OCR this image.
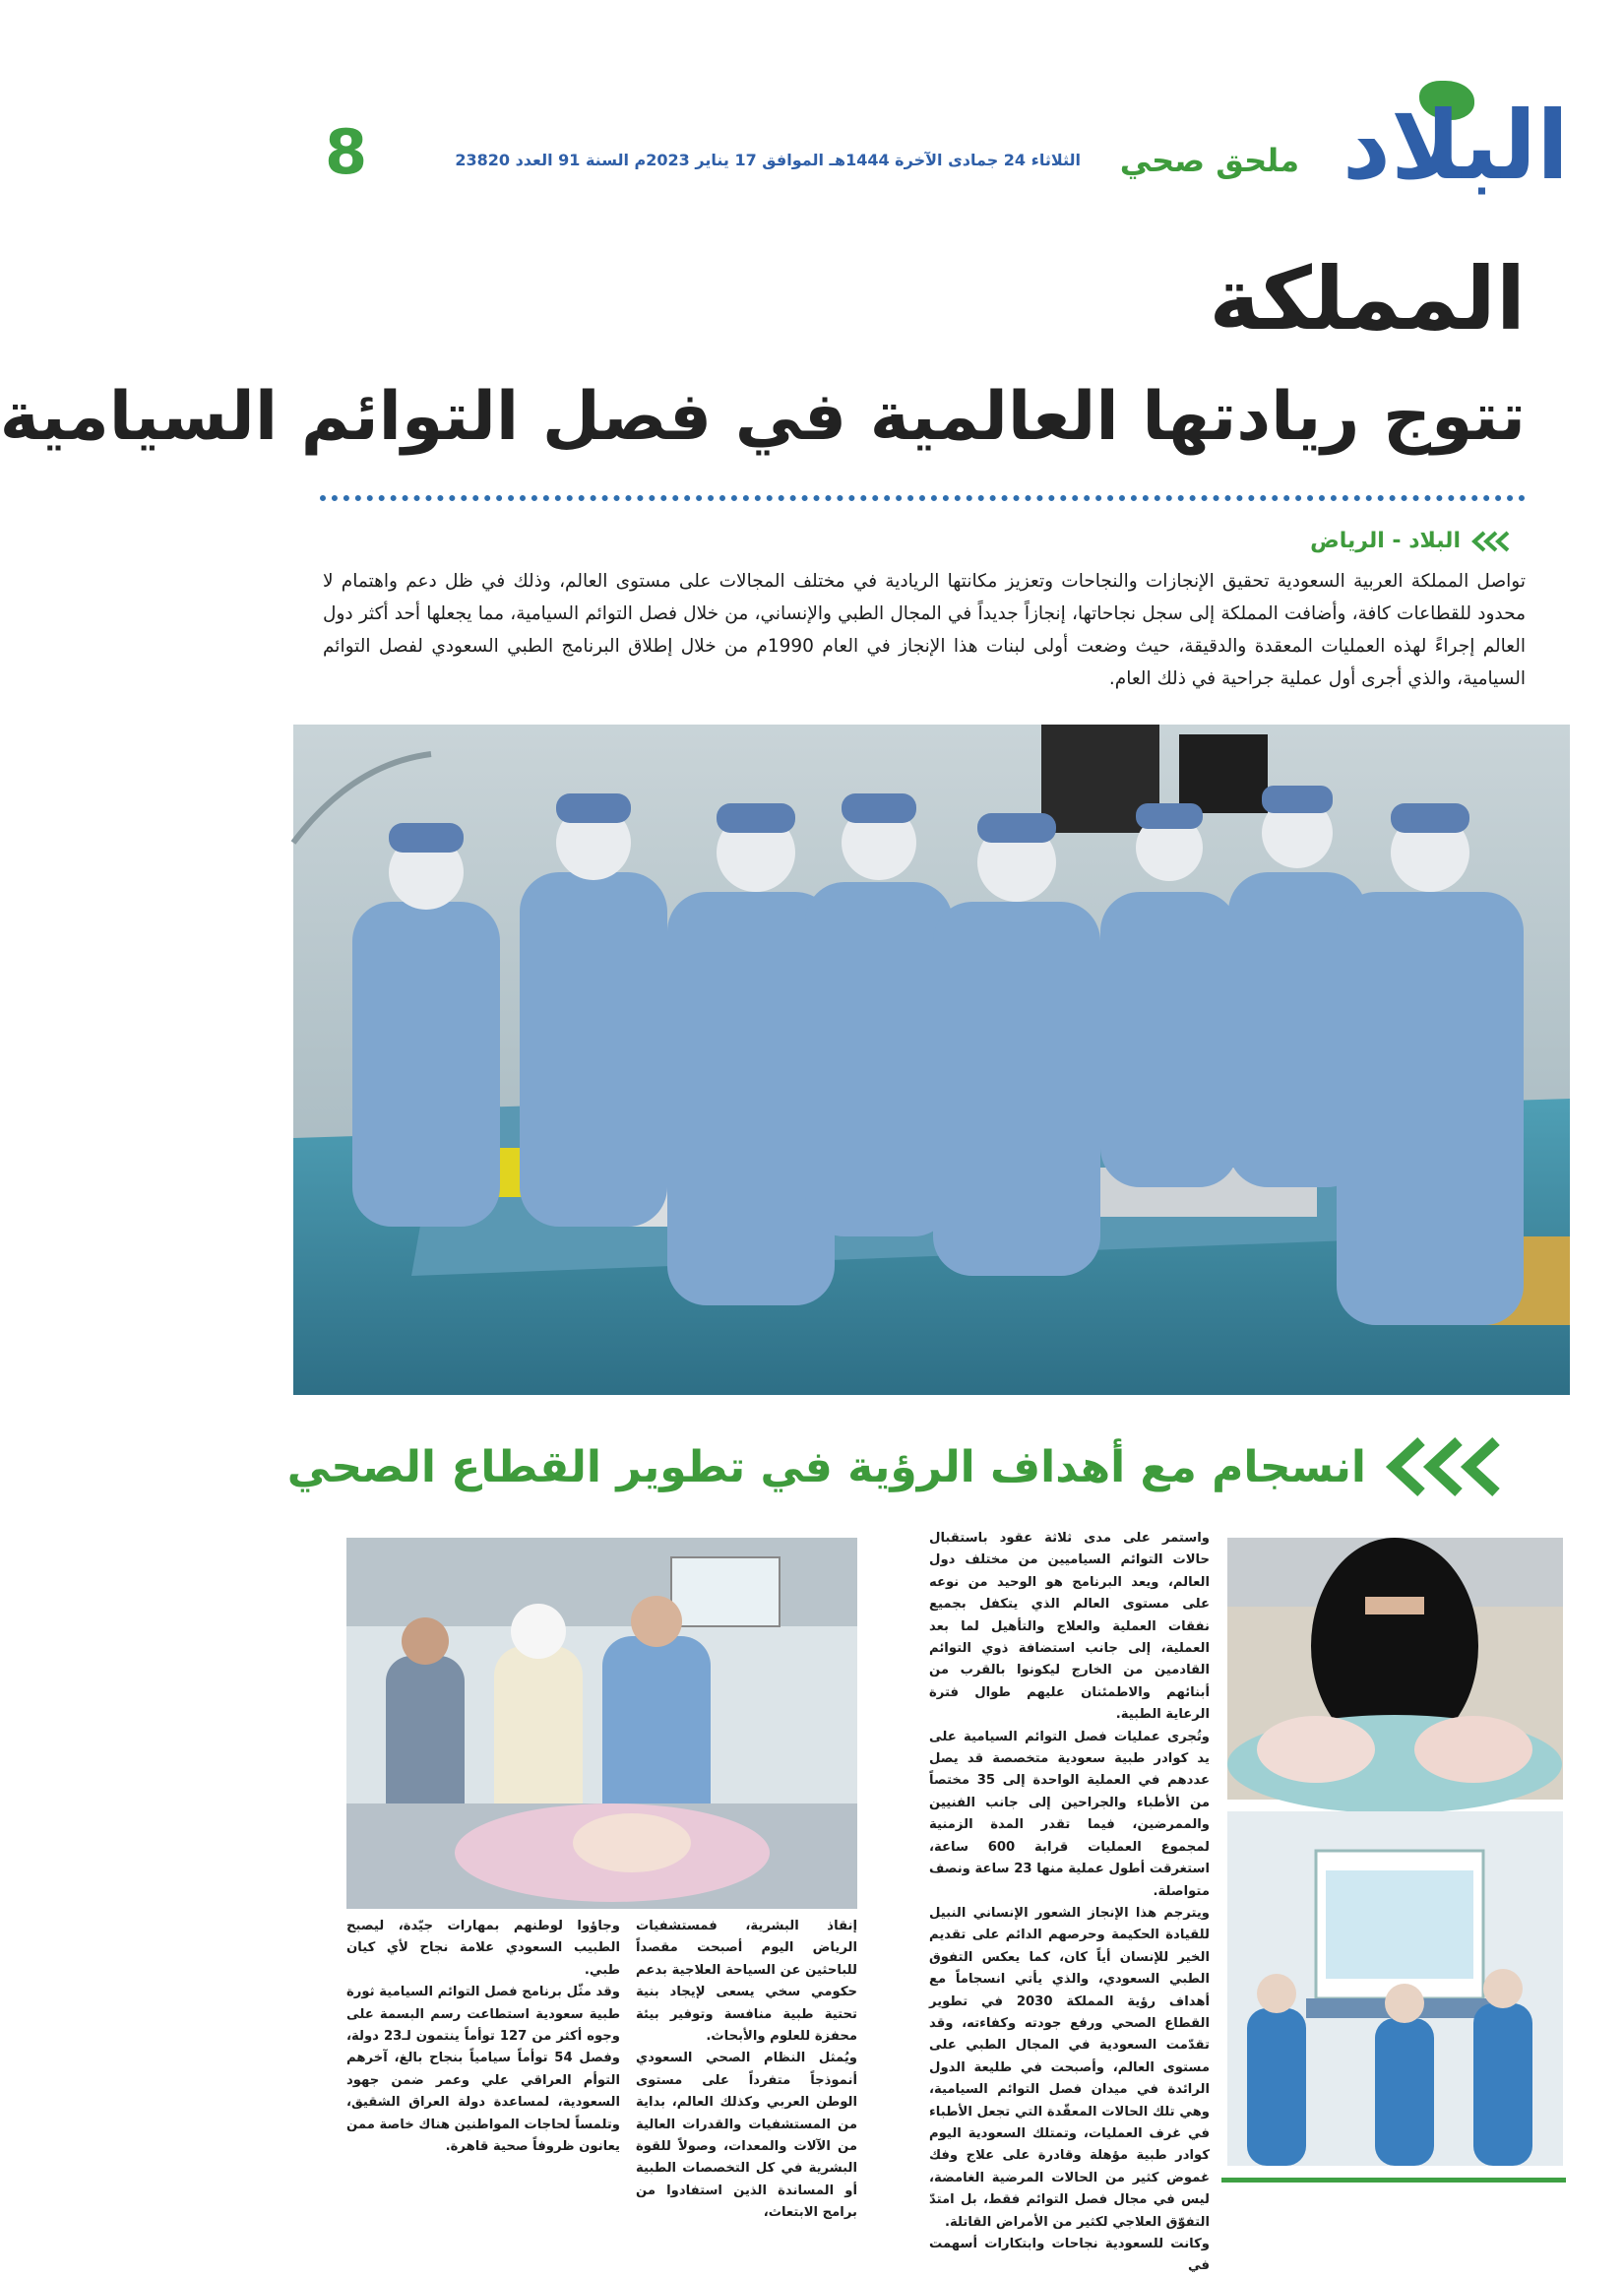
البلاد
ملحق صحي
الثلاثاء 24 جمادى الآخرة 1444هـ الموافق 17 يناير 2023م السنة 91 العدد 23820
8
المملكة
تتوج ريادتها العالمية في فصل التوائم السيامية
البلاد - الرياض

تواصل المملكة العربية السعودية تحقيق الإنجازات والنجاحات وتعزيز مكانتها الريادية في مختلف المجالات على مستوى العالم، وذلك في ظل دعم واهتمام لا محدود للقطاعات كافة، وأضافت المملكة إلى سجل نجاحاتها، إنجازاً جديداً في المجال الطبي والإنساني، من خلال فصل التوائم السيامية، مما يجعلها أحد أكثر دول العالم إجراءً لهذه العمليات المعقدة والدقيقة، حيث وضعت أولى لبنات هذا الإنجاز في العام 1990م من خلال إطلاق البرنامج الطبي السعودي لفصل التوائم السيامية، والذي أجرى أول عملية جراحية في ذلك العام.

انسجام مع أهداف الرؤية في تطوير القطاع الصحي

واستمر على مدى ثلاثة عقود باستقبال حالات التوائم السياميين من مختلف دول العالم، ويعد البرنامج هو الوحيد من نوعه على مستوى العالم الذي يتكفل بجميع نفقات العملية والعلاج والتأهيل لما بعد العملية، إلى جانب استضافة ذوي التوائم القادمين من الخارج ليكونوا بالقرب من أبنائهم والاطمئنان عليهم طوال فترة الرعاية الطبية.

وتُجرى عمليات فصل التوائم السيامية على يد كوادر طبية سعودية متخصصة قد يصل عددهم في العملية الواحدة إلى 35 مختصاً من الأطباء والجراحين إلى جانب الفنيين والممرضين، فيما تقدر المدة الزمنية لمجموع العمليات قرابة 600 ساعة، استغرقت أطول عملية منها 23 ساعة ونصف متواصلة.

ويترجم هذا الإنجاز الشعور الإنساني النبيل للقيادة الحكيمة وحرصهم الدائم على تقديم الخير للإنسان أياً كان، كما يعكس التفوق الطبي السعودي، والذي يأتي انسجاماً مع أهداف رؤية المملكة 2030 في تطوير القطاع الصحي ورفع جودته وكفاءته، وقد تقدّمت السعودية في المجال الطبي على مستوى العالم، وأصبحت في طليعة الدول الرائدة في ميدان فصل التوائم السيامية، وهي تلك الحالات المعقّدة التي تجعل الأطباء في غرف العمليات، وتمتلك السعودية اليوم كوادر طبية مؤهلة وقادرة على علاج وفك غموض كثير من الحالات المرضية الغامضة، ليس في مجال فصل التوائم فقط، بل امتدّ التفوّق العلاجي لكثير من الأمراض القاتلة.

وكانت للسعودية نجاحات وابتكارات أسهمت في

إنقاذ البشرية، فمستشفيات الرياض اليوم أصبحت مقصداً للباحثين عن السياحة العلاجية بدعم حكومي سخي يسعى لإيجاد بنية تحتية طبية منافسة وتوفير بيئة محفزة للعلوم والأبحاث.

ويُمثل النظام الصحي السعودي أنموذجاً متفرداً على مستوى الوطن العربي وكذلك العالم، بداية من المستشفيات والقدرات العالية من الآلات والمعدات، وصولاً للقوة البشرية في كل التخصصات الطبية أو المساندة الذين استفادوا من برامج الابتعاث،

وجاؤوا لوطنهم بمهارات جيّدة، ليصبح الطبيب السعودي علامة نجاح لأي كيان طبي.

وقد مثّل برنامج فصل التوائم السيامية ثورة طبية سعودية استطاعت رسم البسمة على وجوه أكثر من 127 توأماً ينتمون لـ23 دولة، وفصل 54 توأماً سيامياً بنجاح بالغ، آخرهم التوأم العراقي علي وعمر ضمن جهود السعودية، لمساعدة دولة العراق الشقيق، وتلمساً لحاجات المواطنين هناك خاصة ممن يعانون ظروفاً صحية قاهرة.
